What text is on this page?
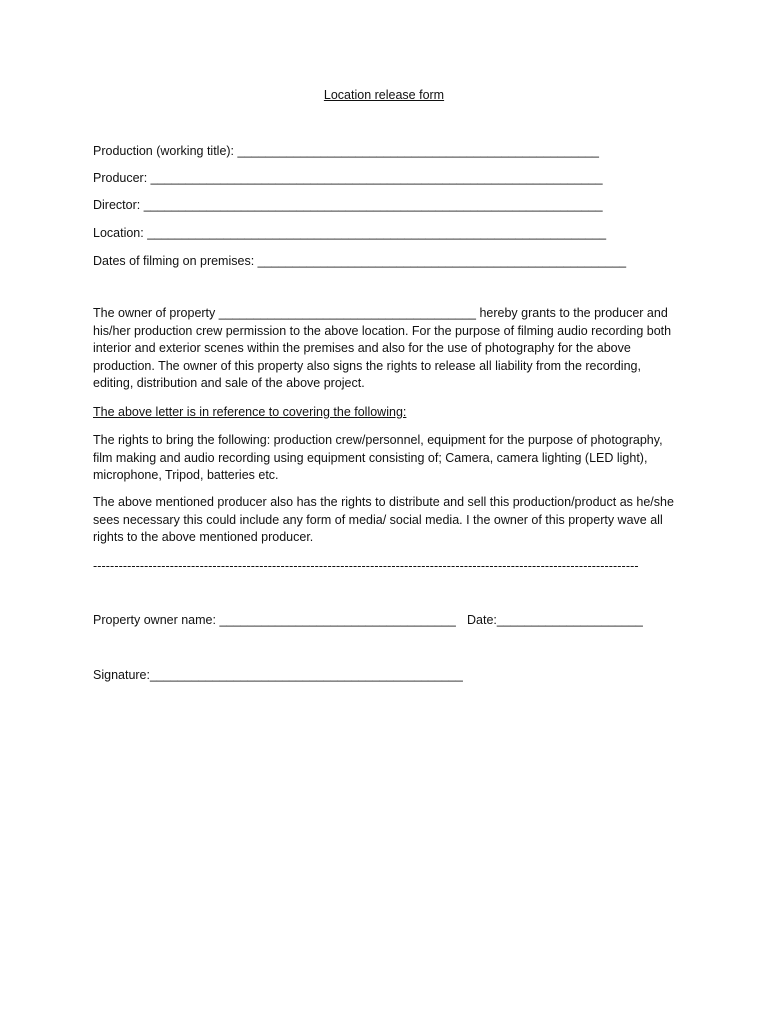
Location release form
Production (working title): ____________________________________________________
Producer: _________________________________________________________________
Director: __________________________________________________________________
Location: __________________________________________________________________
Dates of filming on premises: _____________________________________________________
The owner of property _____________________________________ hereby grants to the producer and his/her production crew permission to the above location. For the purpose of filming audio recording both interior and exterior scenes within the premises and also for the use of photography for the above production. The owner of this property also signs the rights to release all liability from the recording, editing, distribution and sale of the above project.
The above letter is in reference to covering the following:
The rights to bring the following: production crew/personnel, equipment for the purpose of photography, film making and audio recording using equipment consisting of; Camera, camera lighting (LED light), microphone, Tripod, batteries etc.
The above mentioned producer also has the rights to distribute and sell this production/product as he/she sees necessary this could include any form of media/ social media. I the owner of this property wave all rights to the above mentioned producer.
--------------------------------------------------------------------------------------------------------------------------------
Property owner name: __________________________________ Date:_____________________
Signature:_____________________________________________
